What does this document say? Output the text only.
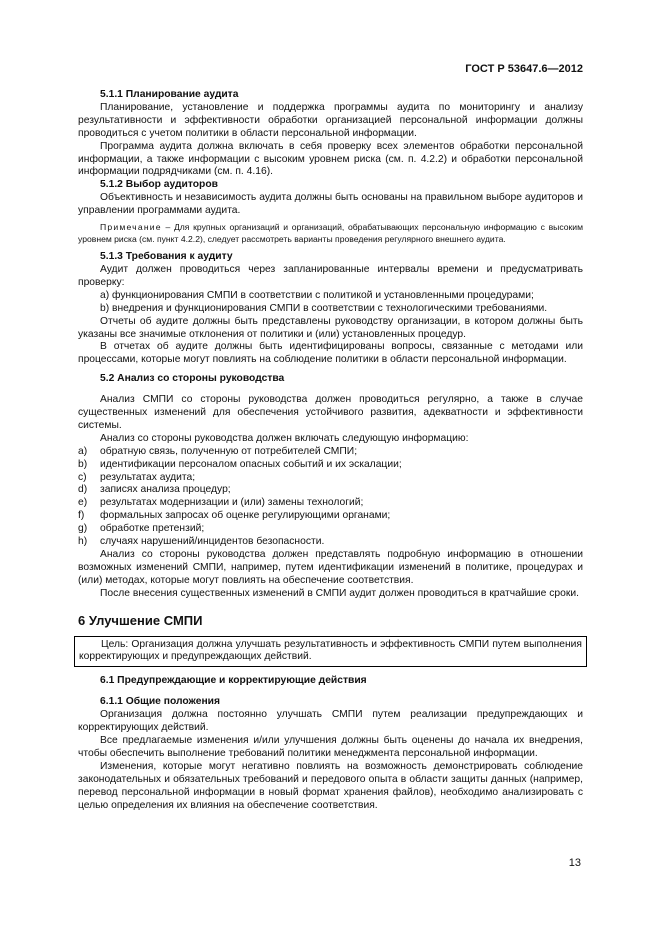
ГОСТ Р 53647.6—2012

5.1.1 Планирование аудита

Планирование, установление и поддержка программы аудита по мониторингу и анализу результативности и эффективности обработки организацией персональной информации должны проводиться с учетом политики в области персональной информации.

Программа аудита должна включать в себя проверку всех элементов обработки персональной информации, а также информации с высоким уровнем риска (см. п. 4.2.2) и обработки персональной информации подрядчиками (см. п. 4.16).

5.1.2 Выбор аудиторов

Объективность и независимость аудита должны быть основаны на правильном выборе аудиторов и управлении программами аудита.

Примечание – Для крупных организаций и организаций, обрабатывающих персональную информацию с высоким уровнем риска (см. пункт 4.2.2), следует рассмотреть варианты проведения регулярного внешнего аудита.

5.1.3 Требования к аудиту

Аудит должен проводиться через запланированные интервалы времени и предусматривать проверку:

a) функционирования СМПИ в соответствии с политикой и установленными процедурами;

b) внедрения и функционирования СМПИ в соответствии с технологическими требованиями.

Отчеты об аудите должны быть представлены руководству организации, в котором должны быть указаны все значимые отклонения от политики и (или) установленных процедур.

В отчетах об аудите должны быть идентифицированы вопросы, связанные с методами или процессами, которые могут повлиять на соблюдение политики в области персональной информации.

5.2 Анализ со стороны руководства

Анализ СМПИ со стороны руководства должен проводиться регулярно, а также в случае существенных изменений для обеспечения устойчивого развития, адекватности и эффективности системы.

Анализ со стороны руководства должен включать следующую информацию:

a)	обратную связь, полученную от потребителей СМПИ;
b)	идентификации персоналом опасных событий и их эскалации;
c)	результатах аудита;
d)	записях анализа процедур;
e)	результатах модернизации и (или) замены технологий;
f)	формальных запросах об оценке регулирующими органами;
g)	обработке претензий;
h)	случаях нарушений/инцидентов безопасности.

Анализ со стороны руководства должен представлять подробную информацию в отношении возможных изменений СМПИ, например, путем идентификации изменений в политике, процедурах и (или) методах, которые могут повлиять на обеспечение соответствия.

После внесения существенных изменений в СМПИ аудит должен проводиться в кратчайшие сроки.

6 Улучшение СМПИ

Цель: Организация должна улучшать результативность и эффективность СМПИ путем выполнения корректирующих и предупреждающих действий.

6.1 Предупреждающие и корректирующие действия

6.1.1 Общие положения

Организация должна постоянно улучшать СМПИ путем реализации предупреждающих и корректирующих действий.

Все предлагаемые изменения и/или улучшения должны быть оценены до начала их внедрения, чтобы обеспечить выполнение требований политики менеджмента персональной информации.

Изменения, которые могут негативно повлиять на возможность демонстрировать соблюдение законодательных и обязательных требований и передового опыта в области защиты данных (например, перевод персональной информации в новый формат хранения файлов), необходимо анализировать с целью определения их влияния на обеспечение соответствия.

13
